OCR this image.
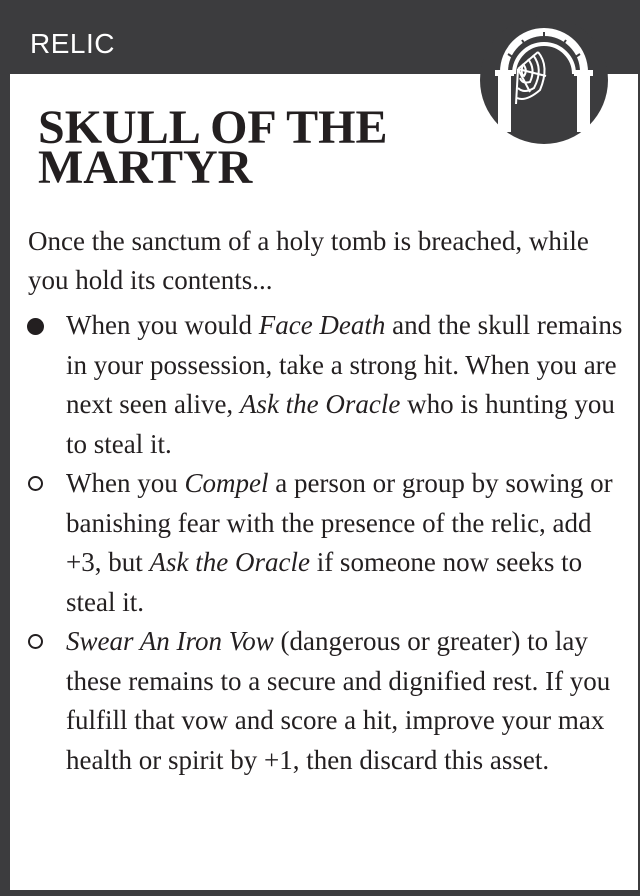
RELIC
SKULL OF THE MARTYR
Once the sanctum of a holy tomb is breached, while you hold its contents...
When you would Face Death and the skull remains in your possession, take a strong hit. When you are next seen alive, Ask the Oracle who is hunting you to steal it.
When you Compel a person or group by sowing or banishing fear with the presence of the relic, add +3, but Ask the Oracle if someone now seeks to steal it.
Swear An Iron Vow (dangerous or greater) to lay these remains to a secure and dignified rest. If you fulfill that vow and score a hit, improve your max health or spirit by +1, then discard this asset.
